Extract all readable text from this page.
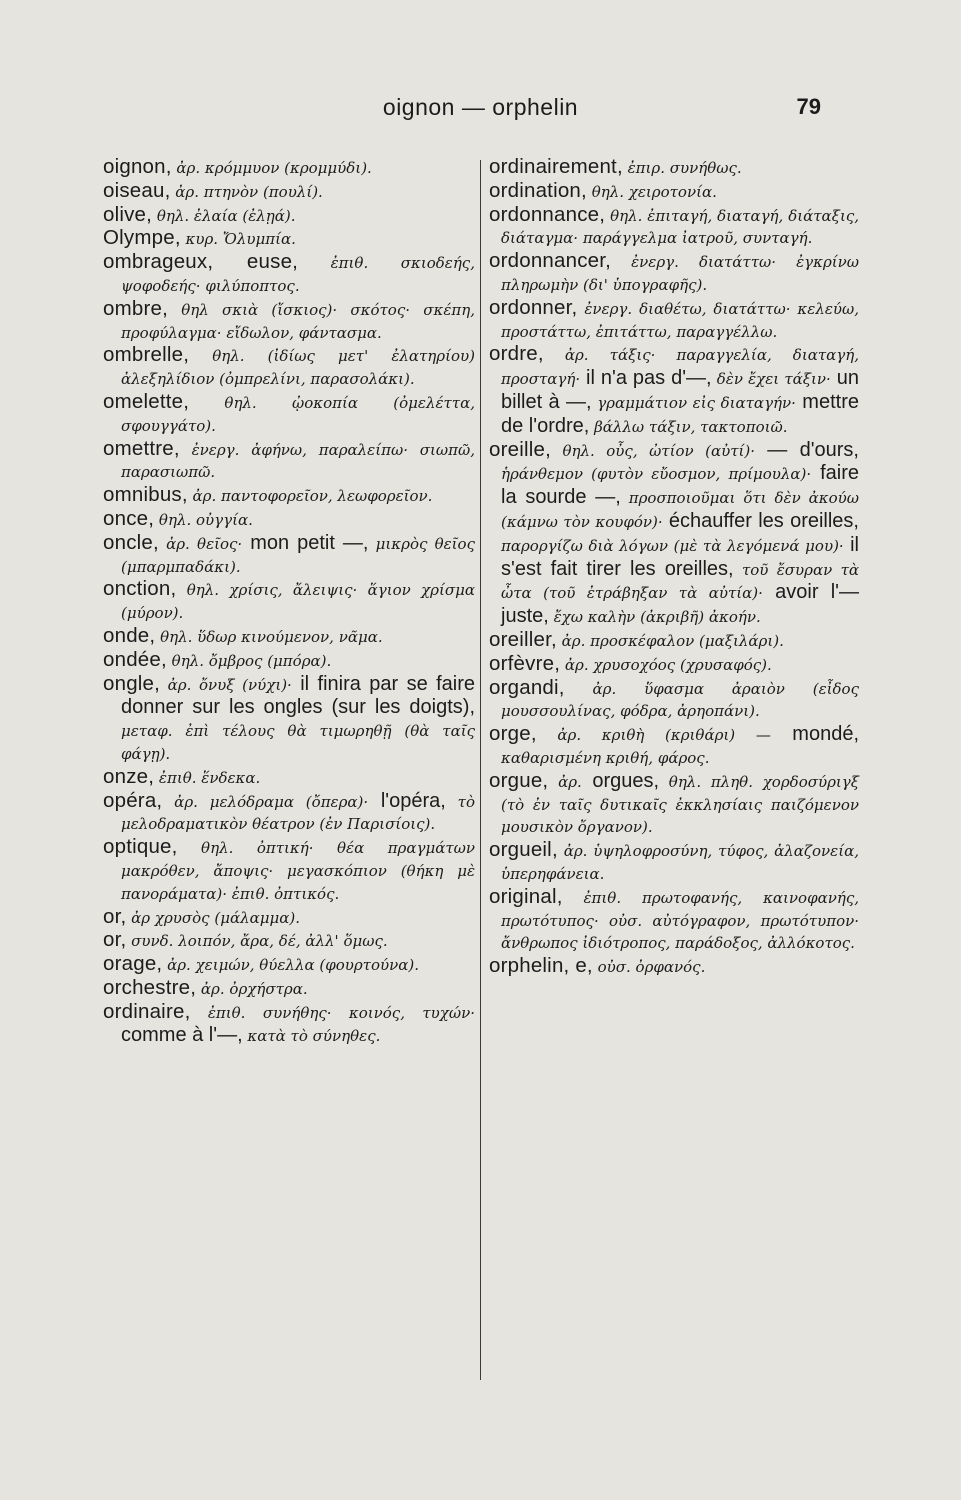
oignon — orphelin	79

oignon, ἀρ. κρόμμυον (κρομμύδι).

oiseau, ἀρ. πτηνὸν (πουλί).

olive, θηλ. ἐλαία (ἐλῃά).

Olympe, κυρ. Ὄλυμπία.

ombrageux, euse, ἐπιθ. σκιοδεής, ψοφοδεής· φιλύποπτος.

ombre, θηλ σκιὰ (ἴσκιος)· σκότος· σκέπη, προφύλαγμα· εἴδωλον, φάντασμα.

ombrelle, θηλ. (ἰδίως μετ' ἐλατηρίου) ἀλεξηλίδιον (ὀμπρελίνι, παρασολάκι).

omelette, θηλ. ᾠοκοπία (ὀμελέττα, σφουγγάτο).

omettre, ἐνεργ. ἀφήνω, παραλείπω· σιωπῶ, παρασιωπῶ.

omnibus, ἀρ. παντοφορεῖον, λεωφορεῖον.

once, θηλ. οὐγγία.

oncle, ἀρ. θεῖος· mon petit —, μικρὸς θεῖος (μπαρμπαδάκι).

onction, θηλ. χρίσις, ἄλειψις· ἅγιον χρίσμα (μύρον).

onde, θηλ. ὕδωρ κινούμενον, νᾶμα.

ondée, θηλ. ὄμβρος (μπόρα).

ongle, ἀρ. ὄνυξ (νύχι)· il finira par se faire donner sur les ongles (sur les doigts), μεταφ. ἐπὶ τέλους θὰ τιμωρηθῇ (θὰ ταῖς φάγῃ).

onze, ἐπιθ. ἕνδεκα.

opéra, ἀρ. μελόδραμα (ὄπερα)· l'opéra, τὸ μελοδραματικὸν θέατρον (ἐν Παρισίοις).

optique, θηλ. ὀπτική· θέα πραγμάτων μακρόθεν, ἄποψις· μεγασκόπιον (θήκη μὲ πανοράματα)· ἐπιθ. ὀπτικός.

or, ἀρ χρυσὸς (μάλαμμα).

or, συνδ. λοιπόν, ἄρα, δέ, ἀλλ' ὅμως.

orage, ἀρ. χειμών, θύελλα (φουρτούνα).

orchestre, ἀρ. ὀρχήστρα.

ordinaire, ἐπιθ. συνήθης· κοινός, τυχών· comme à l'—, κατὰ τὸ σύνηθες.

ordinairement, ἐπιρ. συνήθως.

ordination, θηλ. χειροτονία.

ordonnance, θηλ. ἐπιταγή, διαταγή, διάταξις, διάταγμα· παράγγελμα ἰατροῦ, συνταγή.

ordonnancer, ἐνεργ. διατάττω· ἐγκρίνω πληρωμὴν (δι' ὑπογραφῆς).

ordonner, ἐνεργ. διαθέτω, διατάττω· κελεύω, προστάττω, ἐπιτάττω, παραγγέλλω.

ordre, ἀρ. τάξις· παραγγελία, διαταγή, προσταγή· il n'a pas d'—, δὲν ἔχει τάξιν· un billet à —, γραμμάτιον εἰς διαταγήν· mettre de l'ordre, βάλλω τάξιν, τακτοποιῶ.

oreille, θηλ. οὖς, ὠτίον (αὐτί)· — d'ours, ἡράνθεμον (φυτὸν εὔοσμον, πρίμουλα)· faire la sourde —, προσποιοῦμαι ὅτι δὲν ἀκούω (κάμνω τὸν κουφόν)· échauffer les oreilles, παροργίζω διὰ λόγων (μὲ τὰ λεγόμενά μου)· il s'est fait tirer les oreilles, τοῦ ἔσυραν τὰ ὦτα (τοῦ ἐτράβηξαν τὰ αὐτία)· avoir l'— juste, ἔχω καλὴν (ἀκριβῆ) ἀκοήν.

oreiller, ἀρ. προσκέφαλον (μαξιλάρι).

orfèvre, ἀρ. χρυσοχόος (χρυσαφός).

organdi, ἀρ. ὕφασμα ἀραιὸν (εἶδος μουσσουλίνας, φόδρα, ἀρηοπάνι).

orge, ἀρ. κριθὴ (κριθάρι) — mondé, καθαρισμένη κριθή, φάρος.

orgue, ἀρ. orgues, θηλ. πληθ. χορδοσύριγξ (τὸ ἐν ταῖς δυτικαῖς ἐκκλησίαις παιζόμενον μουσικὸν ὄργανον).

orgueil, ἀρ. ὑψηλοφροσύνη, τύφος, ἀλαζονεία, ὑπερηφάνεια.

original, ἐπιθ. πρωτοφανής, καινοφανής, πρωτότυπος· οὐσ. αὐτόγραφον, πρωτότυπον· ἄνθρωπος ἰδιότροπος, παράδοξος, ἀλλόκοτος.

orphelin, e, οὐσ. ὀρφανός.
